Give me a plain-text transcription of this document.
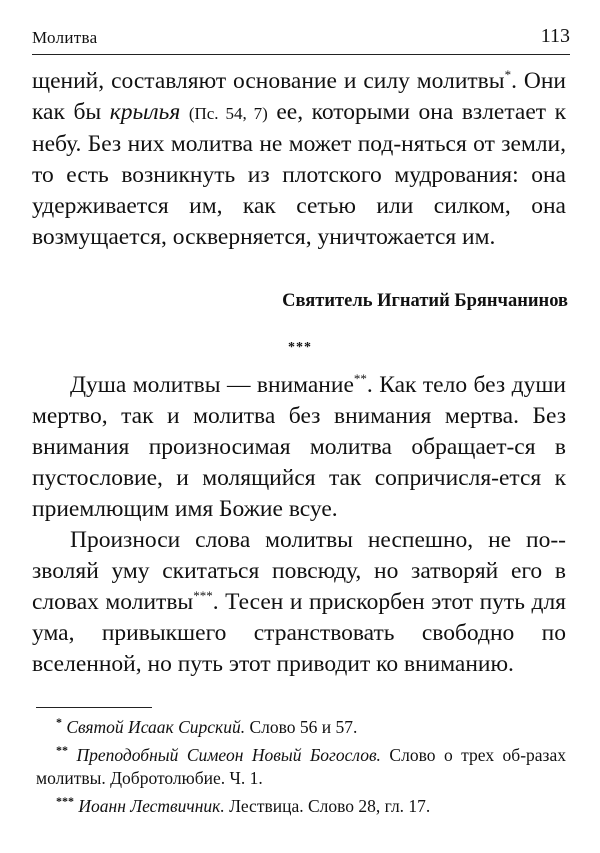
Молитва	113

щений, составляют основание и силу молитвы*. Они как бы крылья (Пс. 54, 7) ее, которыми она взлетает к небу. Без них молитва не может под-няться от земли, то есть возникнуть из плотского мудрования: она удерживается им, как сетью или силком, она возмущается, оскверняется, уничтожается им.

Святитель Игнатий Брянчанинов
***

Душа молитвы — внимание**. Как тело без души мертво, так и молитва без внимания мертва. Без внимания произносимая молитва обращает-ся в пустословие, и молящийся так сопричисля-ется к приемлющим имя Божие всуе.

Произноси слова молитвы неспешно, не по-зволяй уму скитаться повсюду, но затворяй его в словах молитвы***. Тесен и прискорбен этот путь для ума, привыкшего странствовать свободно по вселенной, но путь этот приводит ко вниманию.

* Святой Исаак Сирский. Слово 56 и 57.

** Преподобный Симеон Новый Богослов. Слово о трех об-разах молитвы. Добротолюбие. Ч. 1.

*** Иоанн Лествичник. Лествица. Слово 28, гл. 17.
